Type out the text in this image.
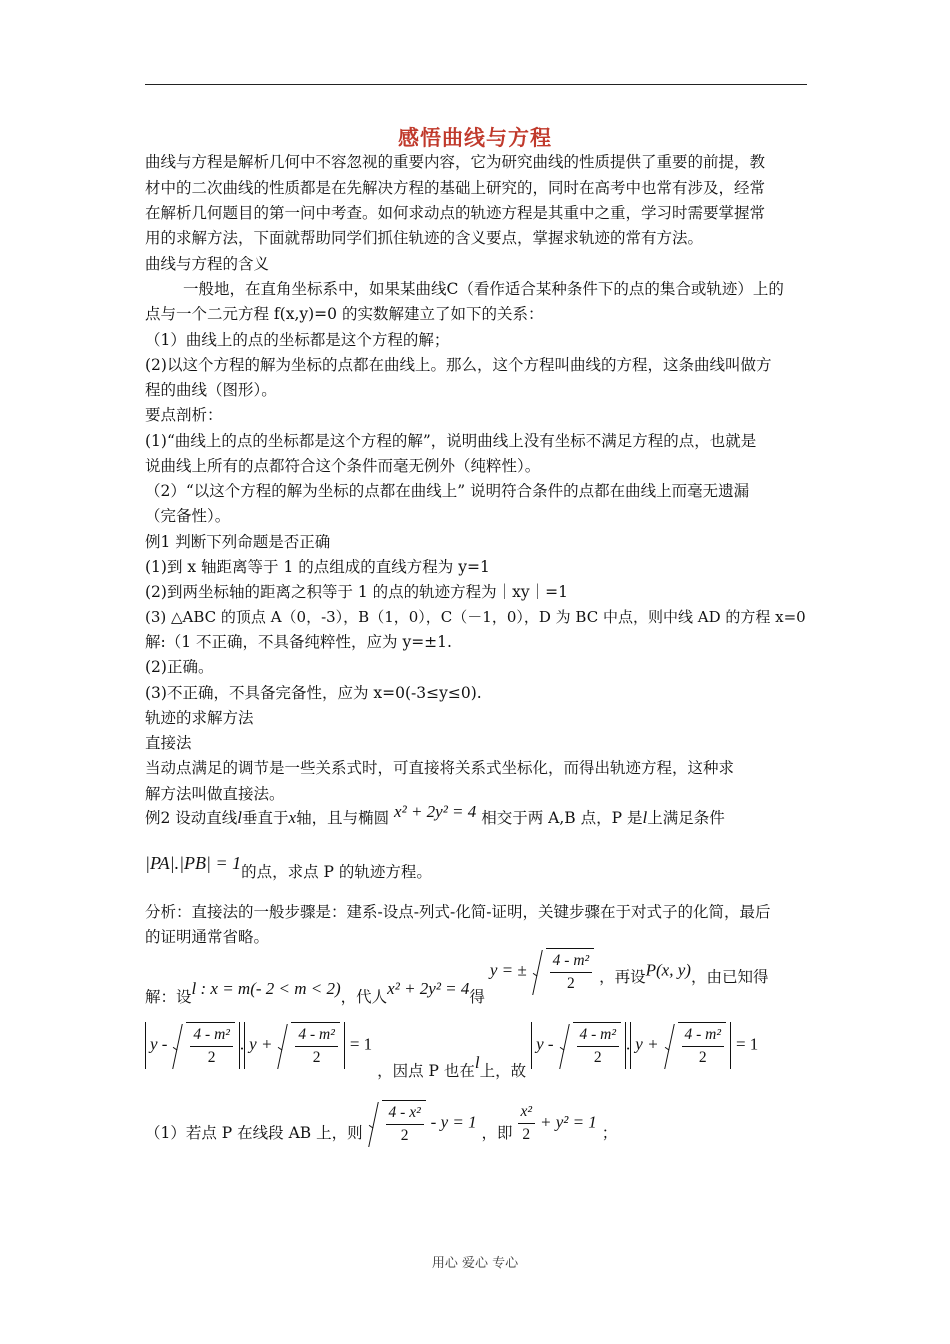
感悟曲线与方程
曲线与方程是解析几何中不容忽视的重要内容，它为研究曲线的性质提供了重要的前提，教
材中的二次曲线的性质都是在先解决方程的基础上研究的，同时在高考中也常有涉及，经常
在解析几何题目的第一问中考查。如何求动点的轨迹方程是其重中之重，学习时需要掌握常
用的求解方法，下面就帮助同学们抓住轨迹的含义要点，掌握求轨迹的常有方法。
曲线与方程的含义
一般地，在直角坐标系中，如果某曲线C（看作适合某种条件下的点的集合或轨迹）上的
点与一个二元方程 f(x,y)=0 的实数解建立了如下的关系：
（1）曲线上的点的坐标都是这个方程的解；
(2)以这个方程的解为坐标的点都在曲线上。那么，这个方程叫曲线的方程，这条曲线叫做方
程的曲线（图形）。
要点剖析：
(1)“曲线上的点的坐标都是这个方程的解”，说明曲线上没有坐标不满足方程的点，也就是
说曲线上所有的点都符合这个条件而毫无例外（纯粹性）。
（2）“以这个方程的解为坐标的点都在曲线上” 说明符合条件的点都在曲线上而毫无遗漏
（完备性）。
例1 判断下列命题是否正确
(1)到 x 轴距离等于 1 的点组成的直线方程为 y=1
(2)到两坐标轴的距离之积等于 1 的点的轨迹方程为｜xy｜=1
(3) △ABC 的顶点 A（0，-3），B（1，0），C（－1，0），D 为 BC 中点，则中线 AD 的方程 x=0
解:（1 不正确，不具备纯粹性，应为 y=±1.
(2)正确。
(3)不正确，不具备完备性，应为 x=0(-3≤y≤0).
轨迹的求解方法
直接法
当动点满足的调节是一些关系式时，可直接将关系式坐标化，而得出轨迹方程，这种求
解方法叫做直接法。
例2 设动直线l垂直于x轴，且与椭圆 x² + 2y² = 4 相交于两 A,B 点，P 是l上满足条件
|PA|.|PB| = 1的点，求点 P 的轨迹方程。
分析：直接法的一般步骤是：建系-设点-列式-化简-证明，关键步骤在于对式子的化简，最后
的证明通常省略。
解：设l : x = m(- 2 < m < 2)，代人x² + 2y² = 4得 y = ± $\frac{\text{4 - m²}}{2}$ ，再设P(x, y)，由已知得
y - $\frac{\text{4 - m²}}{2}$ . $y + \frac{\text{4 - m²}}{2} = 1$ ，因点 P 也在l上，故 y - $\frac{\text{4 - m²}}{2}$ . $y + \frac{\text{4 - m²}}{2} = 1$
（1）若点 P 在线段 AB 上，则 $\frac{\text{4 - x²}}{2} - y = 1$ ，即 $\frac{\text{x²}}{2} + y^2 = 1$ ；
用心 爱心 专心
